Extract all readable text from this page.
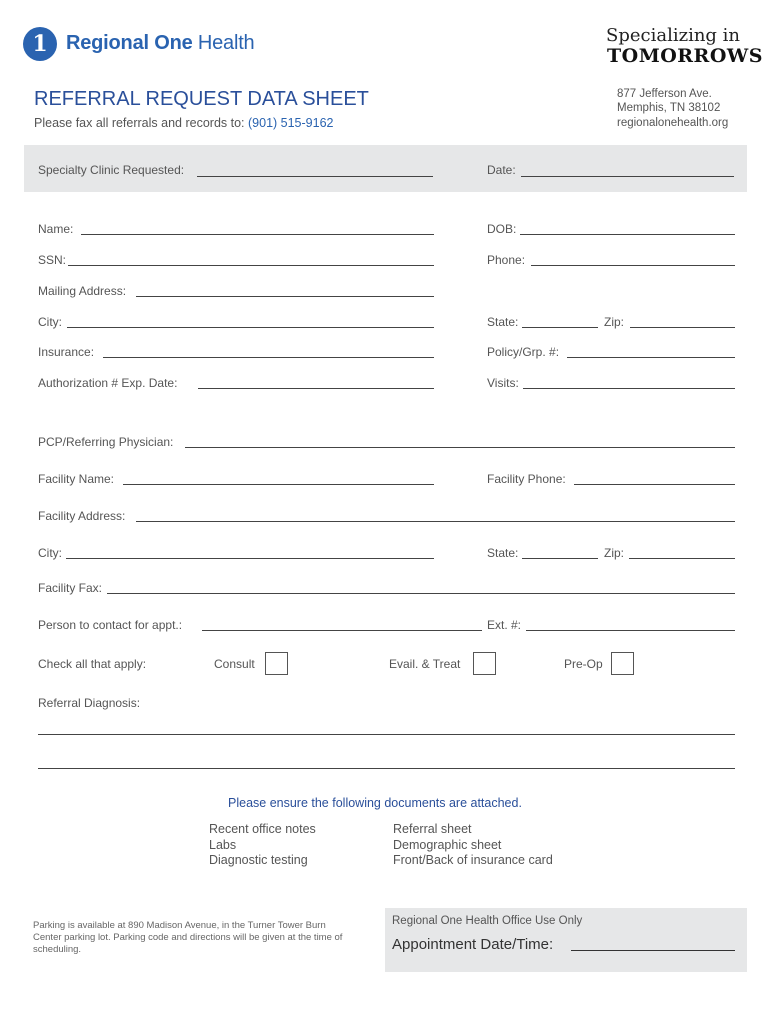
1 Regional One Health	Specializing in
TOMORROWS
877 Jefferson Ave.
Memphis, TN 38102
regionalonehealth.org
REFERRAL REQUEST DATA SHEET
Please fax all referrals and records to: (901) 515-9162
Specialty Clinic Requested:	Date:
Name:	DOB:
SSN:	Phone:
Mailing Address:
City:	State:	Zip:
Insurance:	Policy/Grp. #:
Authorization # Exp. Date:	Visits:
PCP/Referring Physician:
Facility Name:	Facility Phone:
Facility Address:
City:	State:	Zip:
Facility Fax:
Person to contact for appt.:	Ext. #:
Check all that apply:	Consult	Evail. & Treat	Pre-Op
Referral Diagnosis:
Please ensure the following documents are attached.
Recent office notes
Labs
Diagnostic testing
Referral sheet
Demographic sheet
Front/Back of insurance card
Parking is available at 890 Madison Avenue, in the Turner Tower Burn Center parking lot. Parking code and directions will be given at the time of scheduling.
Regional One Health Office Use Only
Appointment Date/Time:
